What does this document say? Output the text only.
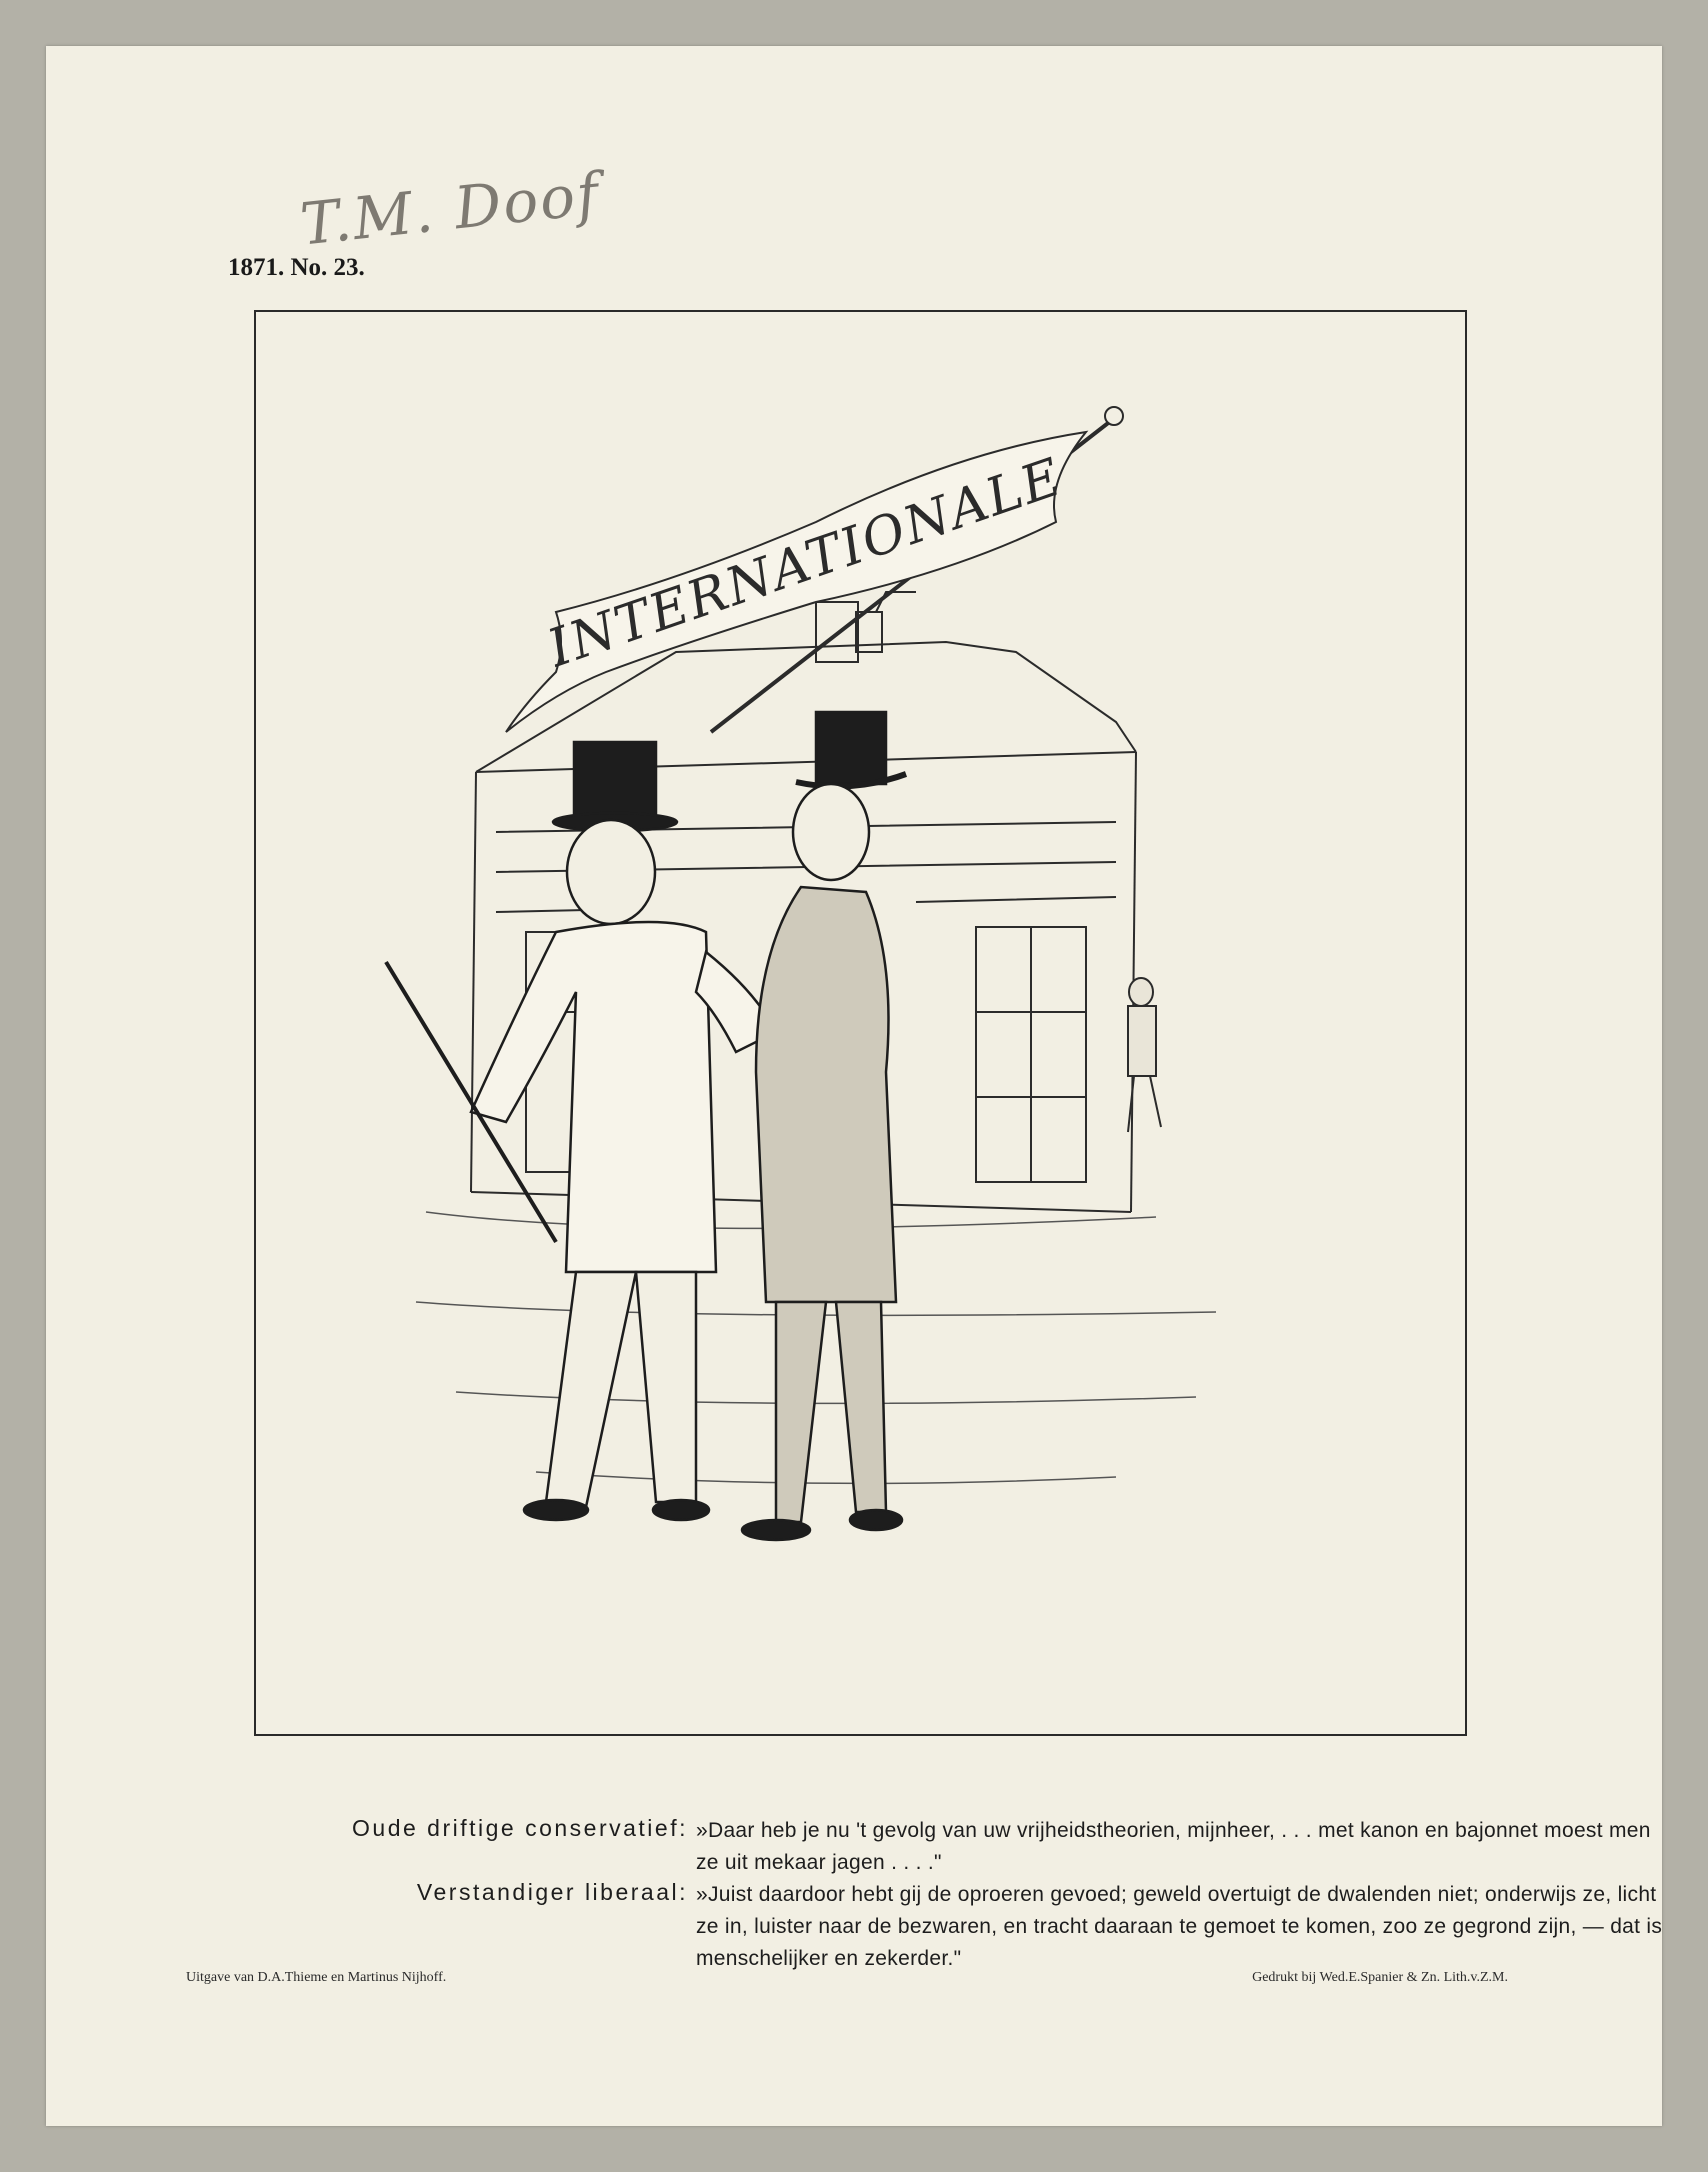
T.M. Doof

1871. No. 23.

INTERNATIONALE

Oude driftige conservatief: »Daar heb je nu 't gevolg van uw vrijheidstheorien, mijnheer, . . . met kanon en bajonnet moest men ze uit mekaar jagen . . . ."

Verstandiger liberaal: »Juist daardoor hebt gij de oproeren gevoed; geweld overtuigt de dwalenden niet; onderwijs ze, licht ze in, luister naar de bezwaren, en tracht daaraan te gemoet te komen, zoo ze gegrond zijn, — dat is menschelijker en zekerder."

Uitgave van D.A.Thieme en Martinus Nijhoff.	Gedrukt bij Wed.E.Spanier & Zn. Lith.v.Z.M.
